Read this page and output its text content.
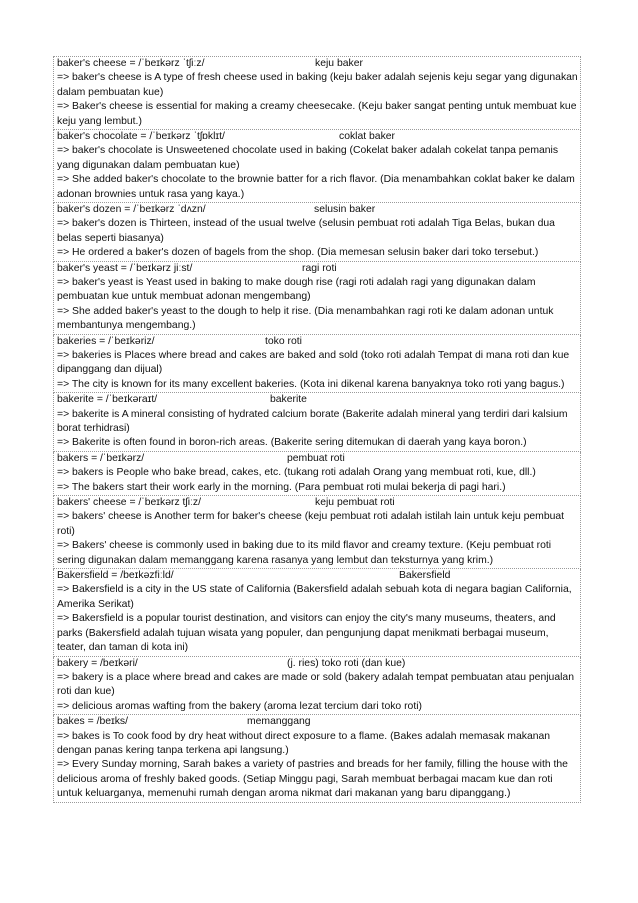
baker's cheese = /ˈbeɪkərz ˈtʃiːz/	keju baker
=> baker's cheese is A type of fresh cheese used in baking (keju baker adalah sejenis keju segar yang digunakan dalam pembuatan kue)
=> Baker's cheese is essential for making a creamy cheesecake. (Keju baker sangat penting untuk membuat kue keju yang lembut.)
baker's chocolate = /ˈbeɪkərz ˈtʃɒklɪt/	coklat baker
=> baker's chocolate is Unsweetened chocolate used in baking (Cokelat baker adalah cokelat tanpa pemanis yang digunakan dalam pembuatan kue)
=> She added baker's chocolate to the brownie batter for a rich flavor. (Dia menambahkan coklat baker ke dalam adonan brownies untuk rasa yang kaya.)
baker's dozen = /ˈbeɪkərz ˈdʌzn/	selusin baker
=> baker's dozen is Thirteen, instead of the usual twelve (selusin pembuat roti adalah Tiga Belas, bukan dua belas seperti biasanya)
=> He ordered a baker's dozen of bagels from the shop. (Dia memesan selusin baker dari toko tersebut.)
baker's yeast = /ˈbeɪkərz jiːst/	ragi roti
=> baker's yeast is Yeast used in baking to make dough rise (ragi roti adalah ragi yang digunakan dalam pembuatan kue untuk membuat adonan mengembang)
=> She added baker's yeast to the dough to help it rise. (Dia menambahkan ragi roti ke dalam adonan untuk membantunya mengembang.)
bakeries = /ˈbeɪkəriz/	toko roti
=> bakeries is Places where bread and cakes are baked and sold (toko roti adalah Tempat di mana roti dan kue dipanggang dan dijual)
=> The city is known for its many excellent bakeries. (Kota ini dikenal karena banyaknya toko roti yang bagus.)
bakerite = /ˈbeɪkəraɪt/	bakerite
=> bakerite is A mineral consisting of hydrated calcium borate (Bakerite adalah mineral yang terdiri dari kalsium borat terhidrasi)
=> Bakerite is often found in boron-rich areas. (Bakerite sering ditemukan di daerah yang kaya boron.)
bakers = /ˈbeɪkərz/	pembuat roti
=> bakers is People who bake bread, cakes, etc. (tukang roti adalah Orang yang membuat roti, kue, dll.)
=> The bakers start their work early in the morning. (Para pembuat roti mulai bekerja di pagi hari.)
bakers' cheese = /ˈbeɪkərz tʃiːz/	keju pembuat roti
=> bakers' cheese is Another term for baker's cheese (keju pembuat roti adalah istilah lain untuk keju pembuat roti)
=> Bakers' cheese is commonly used in baking due to its mild flavor and creamy texture. (Keju pembuat roti sering digunakan dalam memanggang karena rasanya yang lembut dan teksturnya yang krim.)
Bakersfield = /beɪkəzfiːld/	Bakersfield
=> Bakersfield is a city in the US state of California (Bakersfield adalah sebuah kota di negara bagian California, Amerika Serikat)
=> Bakersfield is a popular tourist destination, and visitors can enjoy the city's many museums, theaters, and parks (Bakersfield adalah tujuan wisata yang populer, dan pengunjung dapat menikmati berbagai museum, teater, dan taman di kota ini)
bakery = /beɪkəri/	(j. ries) toko roti (dan kue)
=> bakery is a place where bread and cakes are made or sold (bakery adalah tempat pembuatan atau penjualan roti dan kue)
=> delicious aromas wafting from the bakery (aroma lezat tercium dari toko roti)
bakes = /beɪks/	memanggang
=> bakes is To cook food by dry heat without direct exposure to a flame. (Bakes adalah memasak makanan dengan panas kering tanpa terkena api langsung.)
=> Every Sunday morning, Sarah bakes a variety of pastries and breads for her family, filling the house with the delicious aroma of freshly baked goods. (Setiap Minggu pagi, Sarah membuat berbagai macam kue dan roti untuk keluarganya, memenuhi rumah dengan aroma nikmat dari makanan yang baru dipanggang.)
